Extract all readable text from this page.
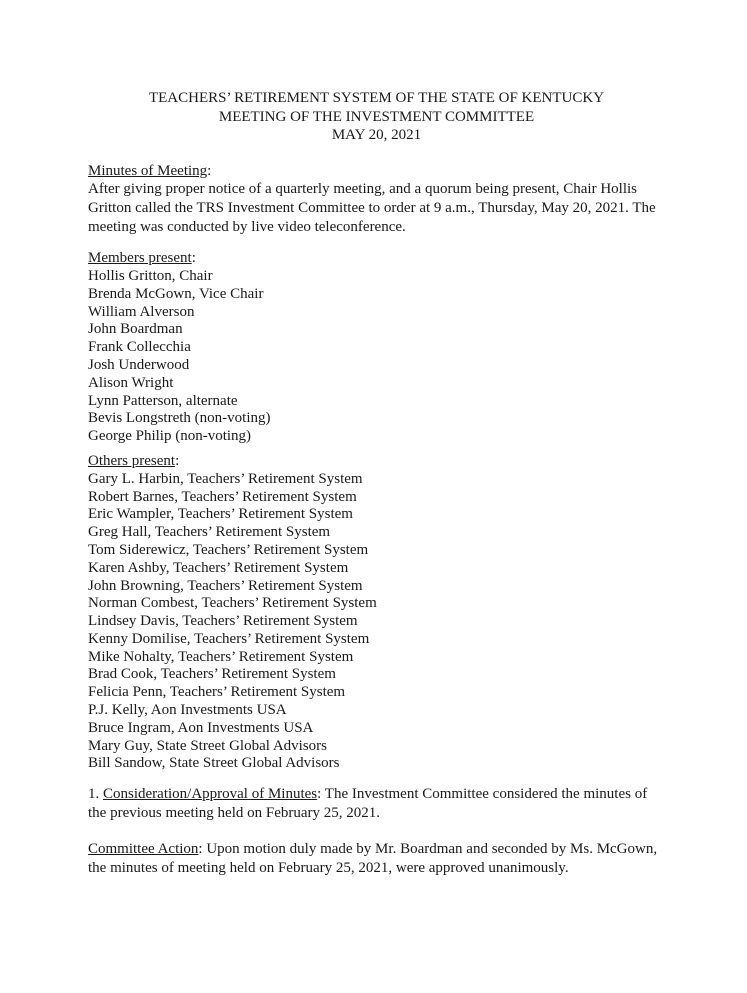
TEACHERS’ RETIREMENT SYSTEM OF THE STATE OF KENTUCKY
MEETING OF THE INVESTMENT COMMITTEE
MAY 20, 2021

Minutes of Meeting:

After giving proper notice of a quarterly meeting, and a quorum being present, Chair Hollis Gritton called the TRS Investment Committee to order at 9 a.m., Thursday, May 20, 2021. The meeting was conducted by live video teleconference.

Members present:

Hollis Gritton, Chair
Brenda McGown, Vice Chair
William Alverson
John Boardman
Frank Collecchia
Josh Underwood
Alison Wright
Lynn Patterson, alternate
Bevis Longstreth (non-voting)
George Philip (non-voting)

Others present:

Gary L. Harbin, Teachers’ Retirement System
Robert Barnes, Teachers’ Retirement System
Eric Wampler, Teachers’ Retirement System
Greg Hall, Teachers’ Retirement System
Tom Siderewicz, Teachers’ Retirement System
Karen Ashby, Teachers’ Retirement System
John Browning, Teachers’ Retirement System
Norman Combest, Teachers’ Retirement System
Lindsey Davis, Teachers’ Retirement System
Kenny Domilise, Teachers’ Retirement System
Mike Nohalty, Teachers’ Retirement System
Brad Cook, Teachers’ Retirement System
Felicia Penn, Teachers’ Retirement System
P.J. Kelly, Aon Investments USA
Bruce Ingram, Aon Investments USA
Mary Guy, State Street Global Advisors
Bill Sandow, State Street Global Advisors

1. Consideration/Approval of Minutes: The Investment Committee considered the minutes of the previous meeting held on February 25, 2021.

Committee Action: Upon motion duly made by Mr. Boardman and seconded by Ms. McGown, the minutes of meeting held on February 25, 2021, were approved unanimously.
